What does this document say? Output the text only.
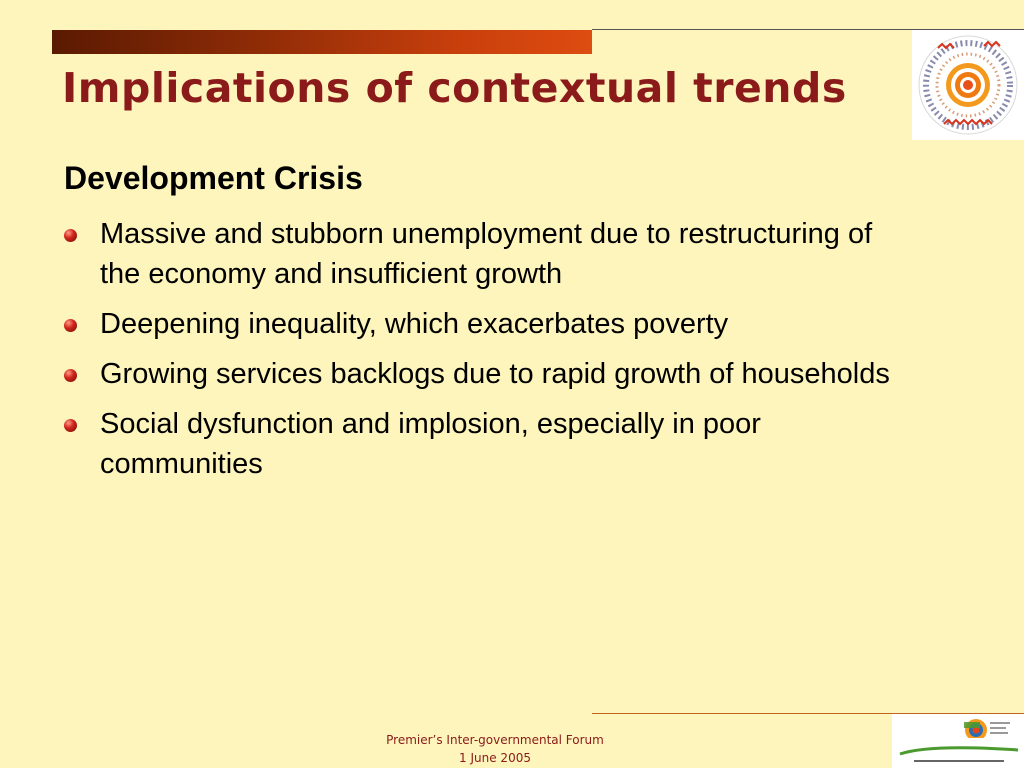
Implications of contextual trends
Development Crisis
Massive and stubborn unemployment due to restructuring of the economy and insufficient growth
Deepening inequality, which exacerbates poverty
Growing services backlogs due to rapid growth of households
Social dysfunction and implosion, especially in poor communities
Premier’s Inter-governmental Forum
1 June 2005
